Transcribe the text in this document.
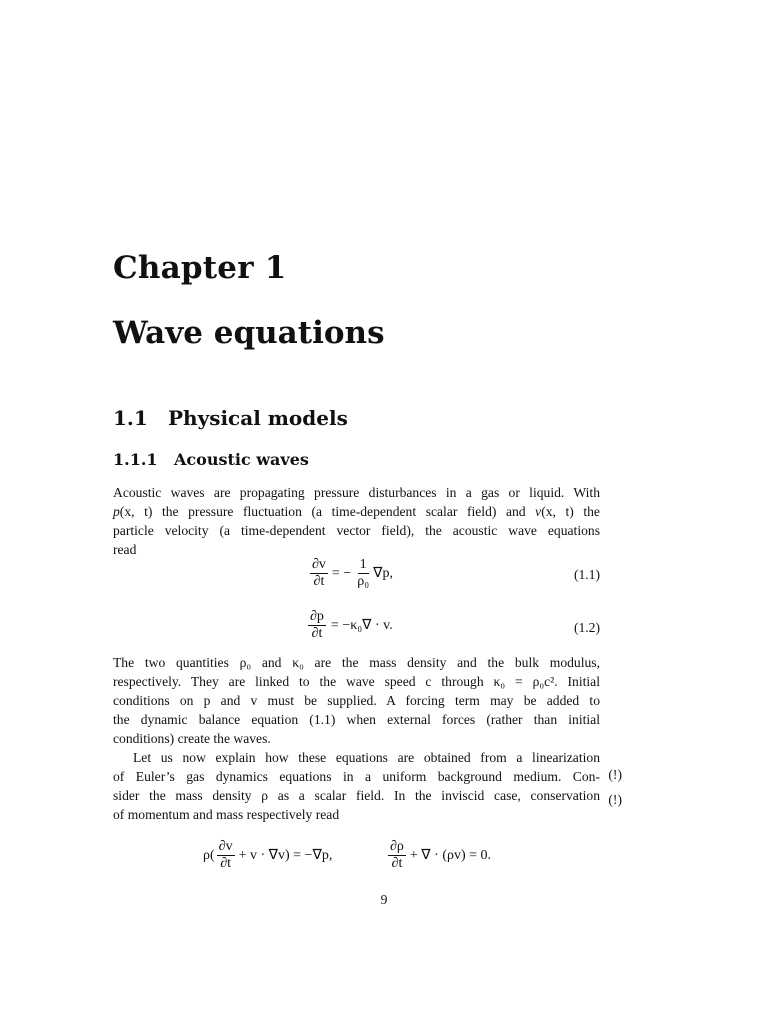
Chapter 1
Wave equations
1.1 Physical models
1.1.1 Acoustic waves
Acoustic waves are propagating pressure disturbances in a gas or liquid. With
p(x, t) the pressure fluctuation (a time-dependent scalar field) and v(x, t) the
particle velocity (a time-dependent vector field), the acoustic wave equations
read
$\frac{\partial v}{\partial t}$ = − $\frac{1}{\text{ρ₀}} \nabla p$,	(1.1)
$\frac{\partial p}{\partial t} = -\kappa_0\nabla \cdot v$.	(1.2)
The two quantities ρ₀ and κ₀ are the mass density and the bulk modulus,
respectively. They are linked to the wave speed c through κ₀ = ρ₀c². Initial
conditions on p and v must be supplied. A forcing term may be added to
the dynamic balance equation (1.1) when external forces (rather than initial
conditions) create the waves.
Let us now explain how these equations are obtained from a linearization
of Euler’s gas dynamics equations in a uniform background medium. Con-
sider the mass density ρ as a scalar field. In the inviscid case, conservation
of momentum and mass respectively read
(!)
(!)
$\rho( \frac{\partial v}{\partial t} + v \cdot \nabla v) = -\nabla p$,	$\frac{\partial\rho}{\partial t}$ + ∇ · (ρv) = 0.
9
